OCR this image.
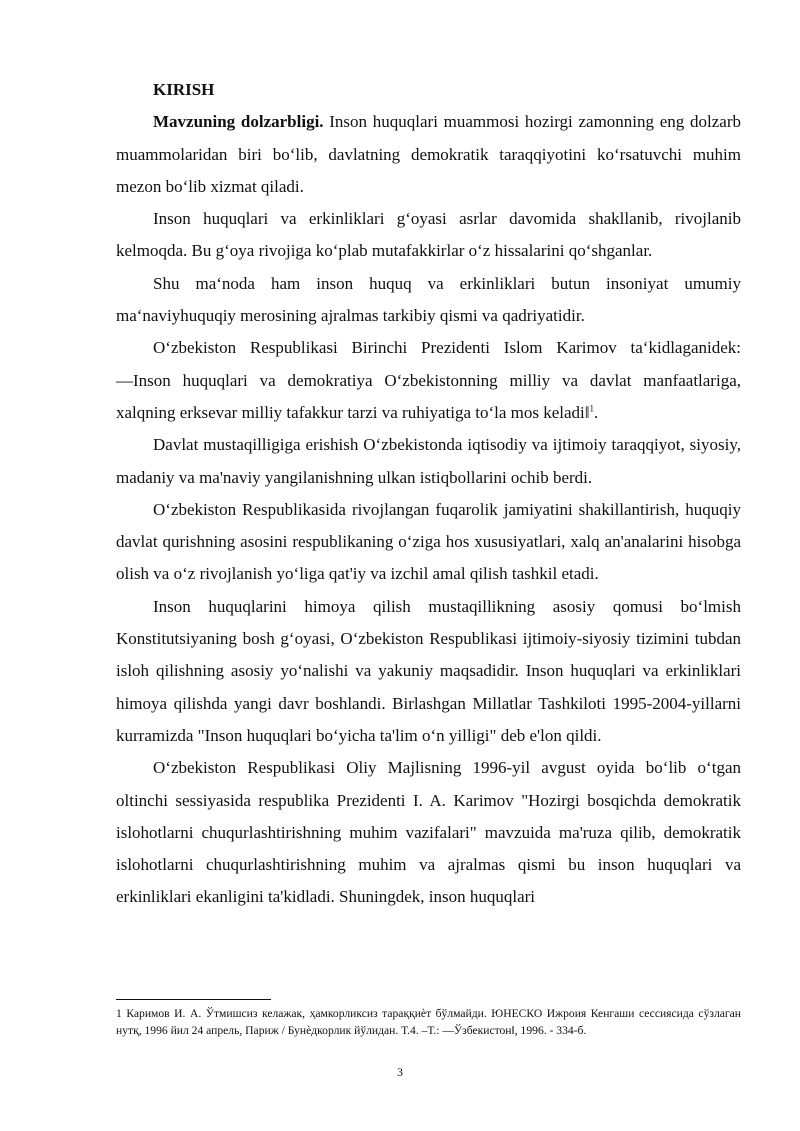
KIRISH

Mavzuning dolzarbligi. Inson huquqlari muammosi hozirgi zamonning eng dolzarb muammolaridan biri bo‘lib, davlatning demokratik taraqqiyotini ko‘rsatuvchi muhim mezon bo‘lib xizmat qiladi.

Inson huquqlari va erkinliklari g‘oyasi asrlar davomida shakllanib, rivojlanib kelmoqda. Bu g‘oya rivojiga ko‘plab mutafakkirlar o‘z hissalarini qo‘shganlar.

Shu ma‘noda ham inson huquq va erkinliklari butun insoniyat umumiy ma‘naviyhuquqiy merosining ajralmas tarkibiy qismi va qadriyatidir.

O‘zbekiston Respublikasi Birinchi Prezidenti Islom Karimov ta‘kidlaganidek: ―Inson huquqlari va demokratiya O‘zbekistonning milliy va davlat manfaatlariga, xalqning erksevar milliy tafakkur tarzi va ruhiyatiga to‘la mos keladi‖$^1$.

Davlat mustaqilligiga erishish O‘zbekistonda iqtisodiy va ijtimoiy taraqqiyot, siyosiy, madaniy va ma'naviy yangilanishning ulkan istiqbollarini ochib berdi.

O‘zbekiston Respublikasida rivojlangan fuqarolik jamiyatini shakillantirish, huquqiy davlat qurishning asosini respublikaning o‘ziga hos xususiyatlari, xalq an'analarini hisobga olish va o‘z rivojlanish yo‘liga qat'iy va izchil amal qilish tashkil etadi.

Inson huquqlarini himoya qilish mustaqillikning asosiy qomusi bo‘lmish Konstitutsiyaning bosh g‘oyasi, O‘zbekiston Respublikasi ijtimoiy-siyosiy tizimini tubdan isloh qilishning asosiy yo‘nalishi va yakuniy maqsadidir. Inson huquqlari va erkinliklari himoya qilishda yangi davr boshlandi. Birlashgan Millatlar Tashkiloti 1995-2004-yillarni kurramizda "Inson huquqlari bo‘yicha ta'lim o‘n yilligi" deb e'lon qildi.

O‘zbekiston Respublikasi Oliy Majlisning 1996-yil avgust oyida bo‘lib o‘tgan oltinchi sessiyasida respublika Prezidenti I. A. Karimov "Hozirgi bosqichda demokratik islohotlarni chuqurlashtirishning muhim vazifalari" mavzuida ma'ruza qilib, demokratik islohotlarni chuqurlashtirishning muhim va ajralmas qismi bu inson huquqlari va erkinliklari ekanligini ta'kidladi. Shuningdek, inson huquqlari

1 Каримов И. А. Ўтмишсиз келажак, ҳамкорликсиз тараққиѐт бўлмайди. ЮНЕСКО Ижроия Кенгаши сессиясида сўзлаган нутқ, 1996 йил 24 апрель, Париж / Бунѐдкорлик йўлидан. Т.4. –Т.: ―Ўзбекистон‖, 1996. - 334-б.

3
